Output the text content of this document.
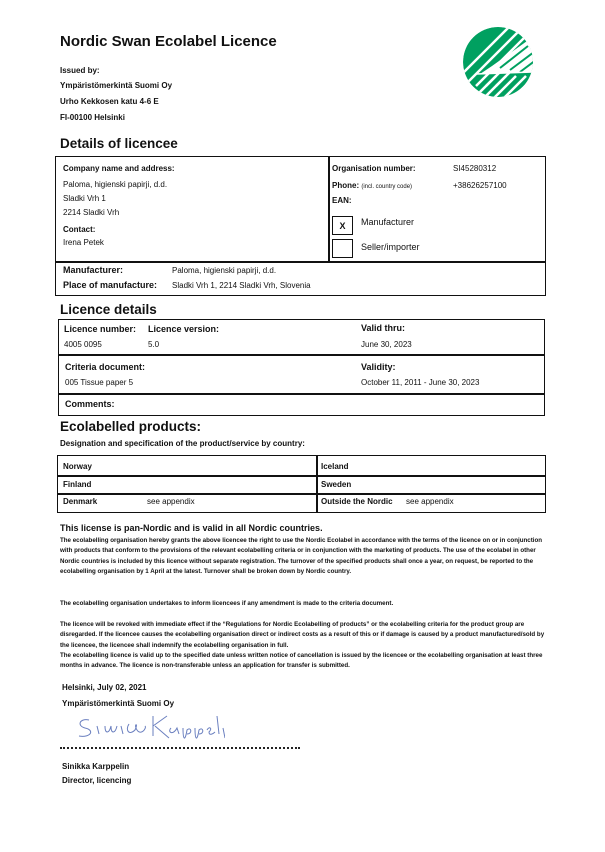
Nordic Swan Ecolabel Licence
Issued by:
Ympäristömerkintä Suomi Oy
Urho Kekkosen katu 4-6 E
FI-00100 Helsinki
Details of licencee
Company name and address:
Paloma, higienski papirji, d.d.
Sladki Vrh 1
2214 Sladki Vrh
Contact:
Irena Petek
Organisation number:	SI45280312
Phone: (incl. country code)	+38626257100
EAN:
X	Manufacturer
Seller/importer
Manufacturer:	Paloma, higienski papirji, d.d.
Place of manufacture: Sladki Vrh 1, 2214 Sladki Vrh, Slovenia
Licence details
Licence number:
4005 0095
Licence version:
5.0
Valid thru:
June 30, 2023
Criteria document:
005 Tissue paper 5
Validity:
October 11, 2011 - June 30, 2023
Comments:
Ecolabelled products:
Designation and specification of the product/service by country:
Norway	Iceland
Finland	Sweden
Denmark	see appendix	Outside the Nordic see appendix
This license is pan-Nordic and is valid in all Nordic countries.
The ecolabelling organisation hereby grants the above licencee the right to use the Nordic Ecolabel in accordance with the terms of the licence on or in conjunction with products that conform to the provisions of the relevant ecolabelling criteria or in conjunction with the marketing of products. The use of the ecolabel in other Nordic countries is included by this licence without separate registration. The turnover of the specified products shall once a year, on request, be reported to the ecolabelling organisation by 1 April at the latest. Turnover shall be broken down by Nordic country.
The ecolabelling organisation undertakes to inform licencees if any amendment is made to the criteria document.
The licence will be revoked with immediate effect if the “Regulations for Nordic Ecolabelling of products” or the ecolabelling criteria for the product group are disregarded. If the licencee causes the ecolabelling organisation direct or indirect costs as a result of this or if damage is caused by a product manufactured/sold by the licencee, the licencee shall indemnify the ecolabelling organisation in full.
The ecolabelling licence is valid up to the specified date unless written notice of cancellation is issued by the licencee or the ecolabelling organisation at least three months in advance. The licence is non-transferable unless an application for transfer is submitted.
Helsinki, July 02, 2021
Ympäristömerkintä Suomi Oy
Sinikka Karppelin
Director, licencing
